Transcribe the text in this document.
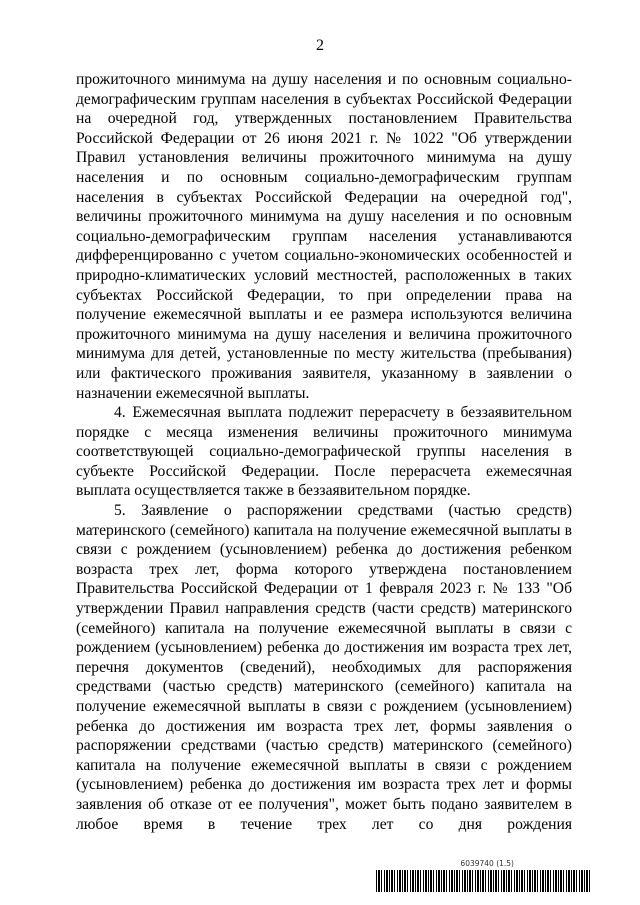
2

прожиточного минимума на душу населения и по основным социально-демографическим группам населения в субъектах Российской Федерации на очередной год, утвержденных постановлением Правительства Российской Федерации от 26 июня 2021 г. № 1022 "Об утверждении Правил установления величины прожиточного минимума на душу населения и по основным социально-демографическим группам населения в субъектах Российской Федерации на очередной год", величины прожиточного минимума на душу населения и по основным социально-демографическим группам населения устанавливаются дифференцированно с учетом социально-экономических особенностей и природно-климатических условий местностей, расположенных в таких субъектах Российской Федерации, то при определении права на получение ежемесячной выплаты и ее размера используются величина прожиточного минимума на душу населения и величина прожиточного минимума для детей, установленные по месту жительства (пребывания) или фактического проживания заявителя, указанному в заявлении о назначении ежемесячной выплаты.

4. Ежемесячная выплата подлежит перерасчету в беззаявительном порядке с месяца изменения величины прожиточного минимума соответствующей социально-демографической группы населения в субъекте Российской Федерации. После перерасчета ежемесячная выплата осуществляется также в беззаявительном порядке.

5. Заявление о распоряжении средствами (частью средств) материнского (семейного) капитала на получение ежемесячной выплаты в связи с рождением (усыновлением) ребенка до достижения ребенком возраста трех лет, форма которого утверждена постановлением Правительства Российской Федерации от 1 февраля 2023 г. № 133 "Об утверждении Правил направления средств (части средств) материнского (семейного) капитала на получение ежемесячной выплаты в связи с рождением (усыновлением) ребенка до достижения им возраста трех лет, перечня документов (сведений), необходимых для распоряжения средствами (частью средств) материнского (семейного) капитала на получение ежемесячной выплаты в связи с рождением (усыновлением) ребенка до достижения им возраста трех лет, формы заявления о распоряжении средствами (частью средств) материнского (семейного) капитала на получение ежемесячной выплаты в связи с рождением (усыновлением) ребенка до достижения им возраста трех лет и формы заявления об отказе от ее получения", может быть подано заявителем в любое время в течение трех лет со дня рождения

6039740 (1.5)
